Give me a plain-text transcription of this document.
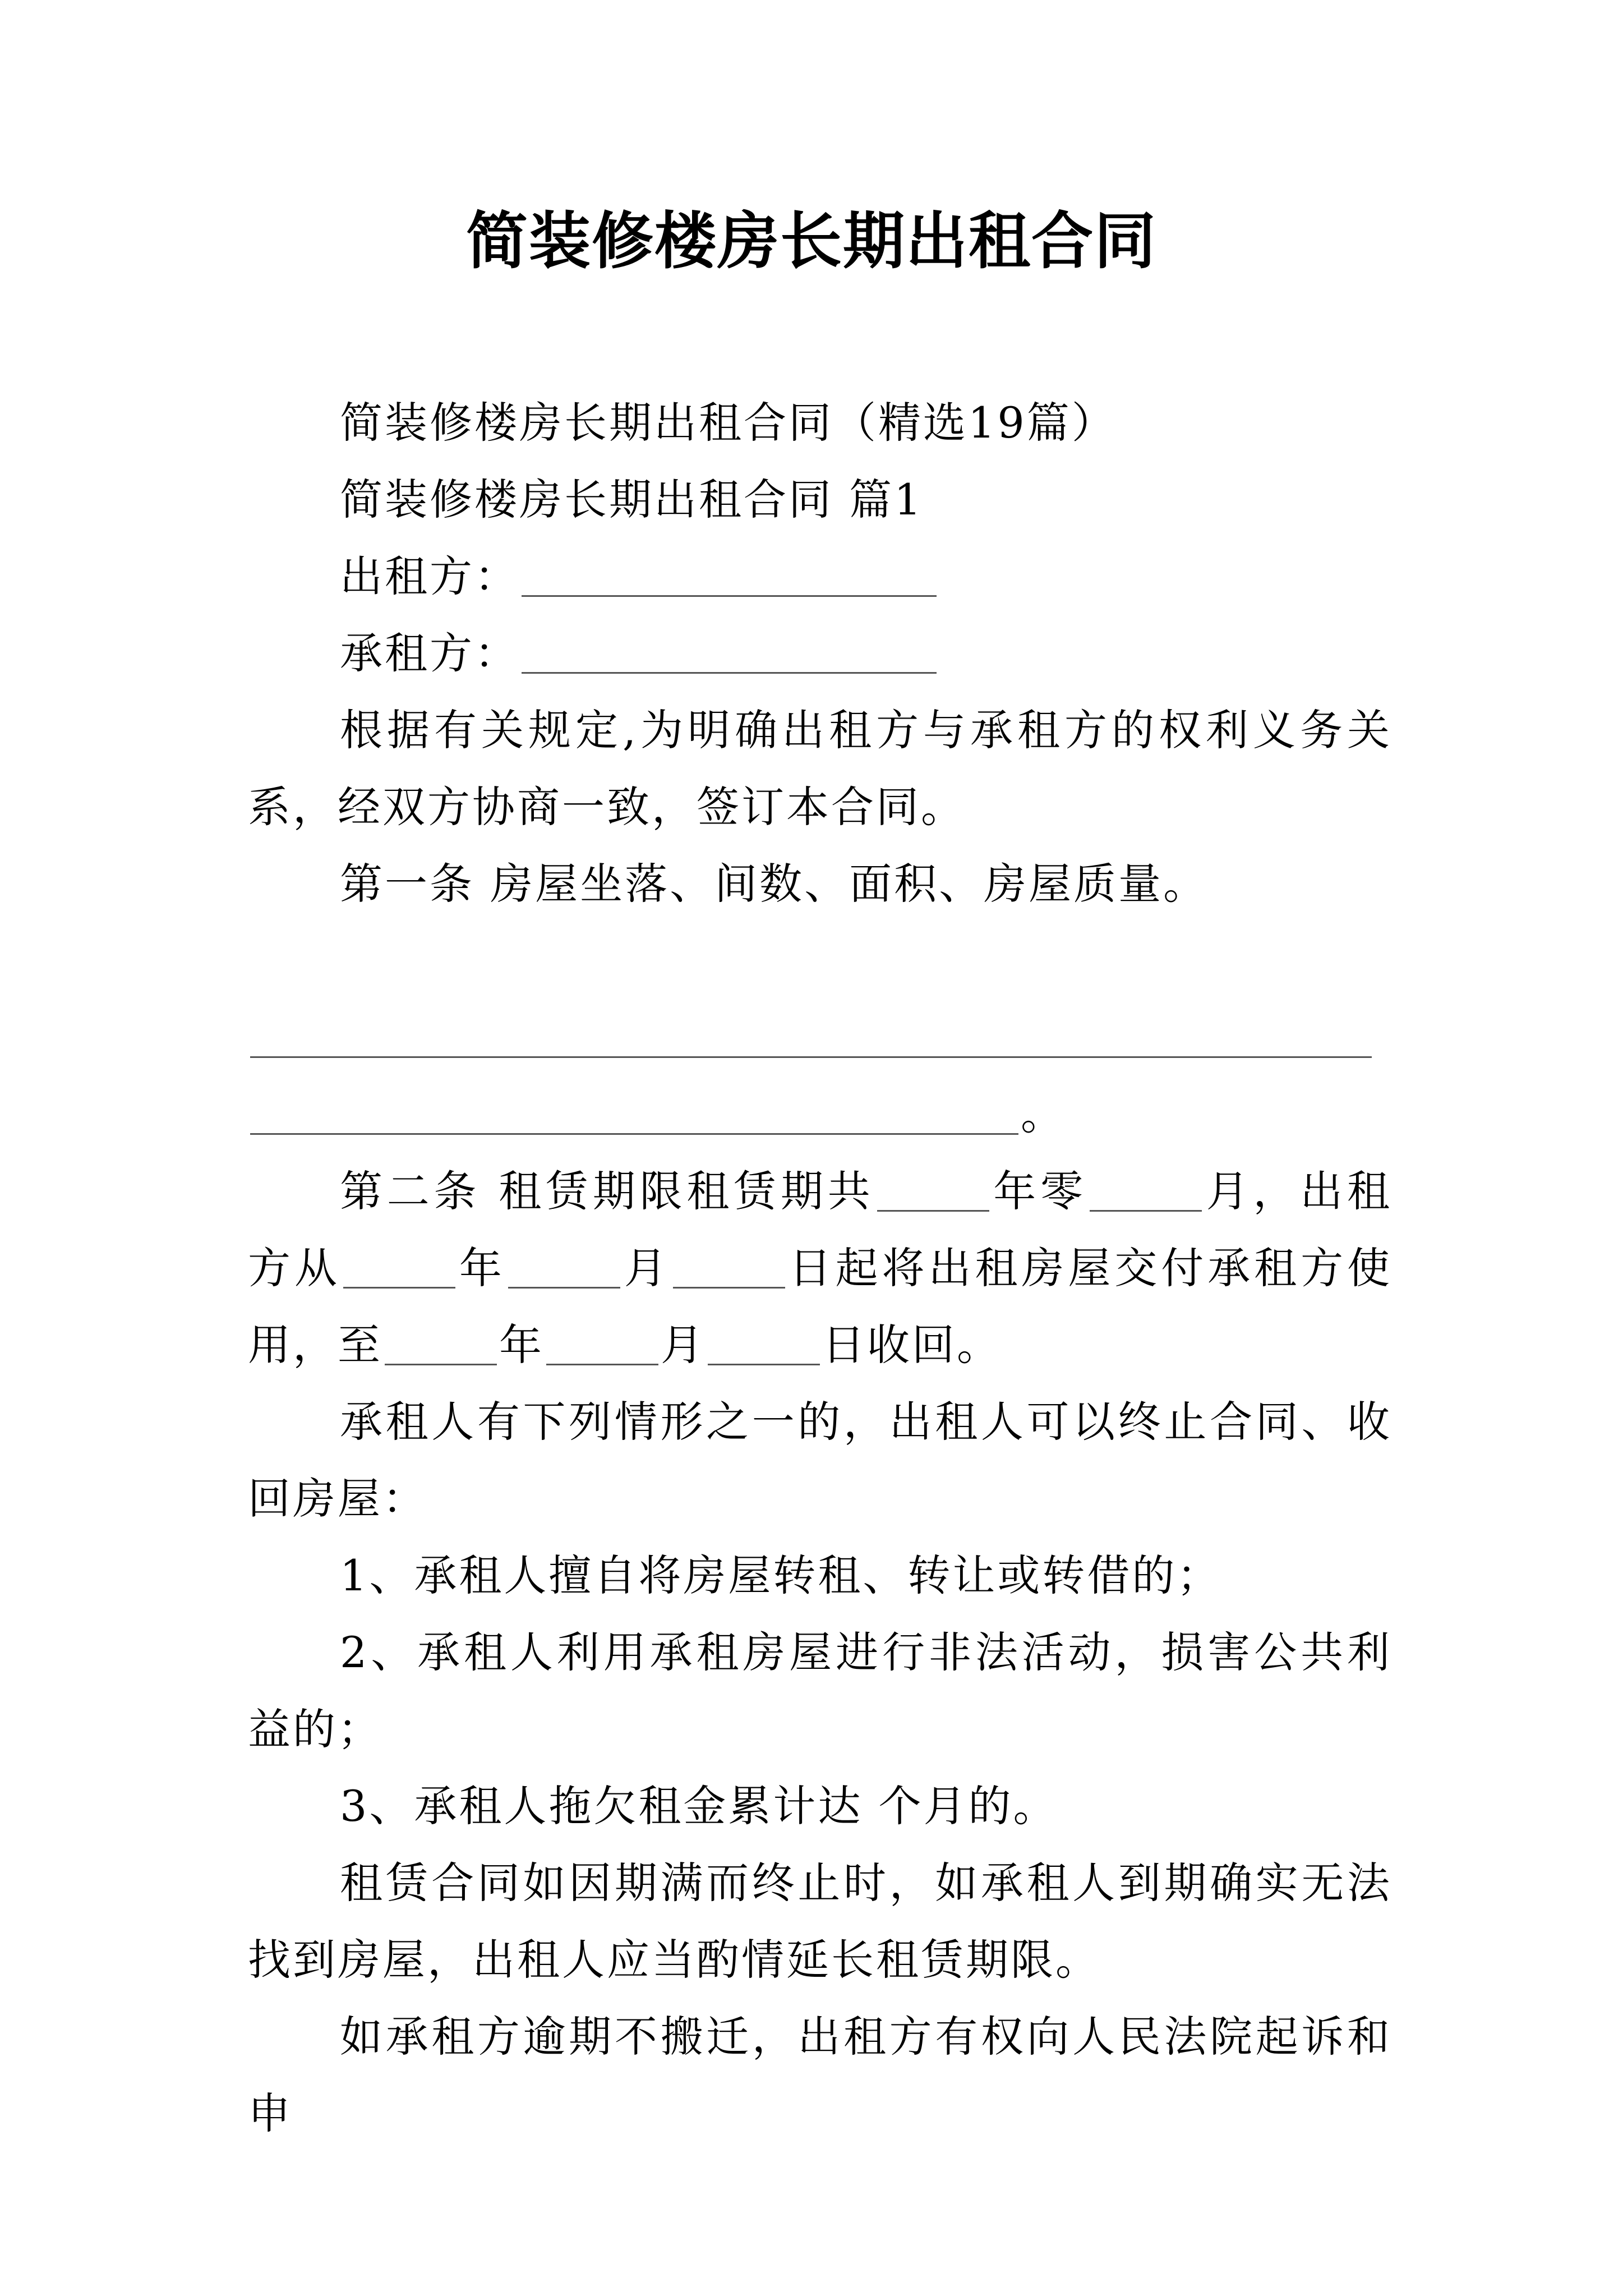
简装修楼房长期出租合同

简装修楼房长期出租合同（精选19篇）

简装修楼房长期出租合同 篇1

出租方：

承租方：

根据有关规定,为明确出租方与承租方的权利义务关系，经双方协商一致，签订本合同。

第一条 房屋坐落、间数、面积、房屋质量。

。

第二条 租赁期限租赁期共	年零	月，出租方从	年	月	日起将出租房屋交付承租方使用，至	年	月	日收回。

承租人有下列情形之一的，出租人可以终止合同、收回房屋：

1、承租人擅自将房屋转租、转让或转借的；

2、承租人利用承租房屋进行非法活动，损害公共利益的；

3、承租人拖欠租金累计达 个月的。

租赁合同如因期满而终止时，如承租人到期确实无法找到房屋，出租人应当酌情延长租赁期限。

如承租方逾期不搬迁，出租方有权向人民法院起诉和申
